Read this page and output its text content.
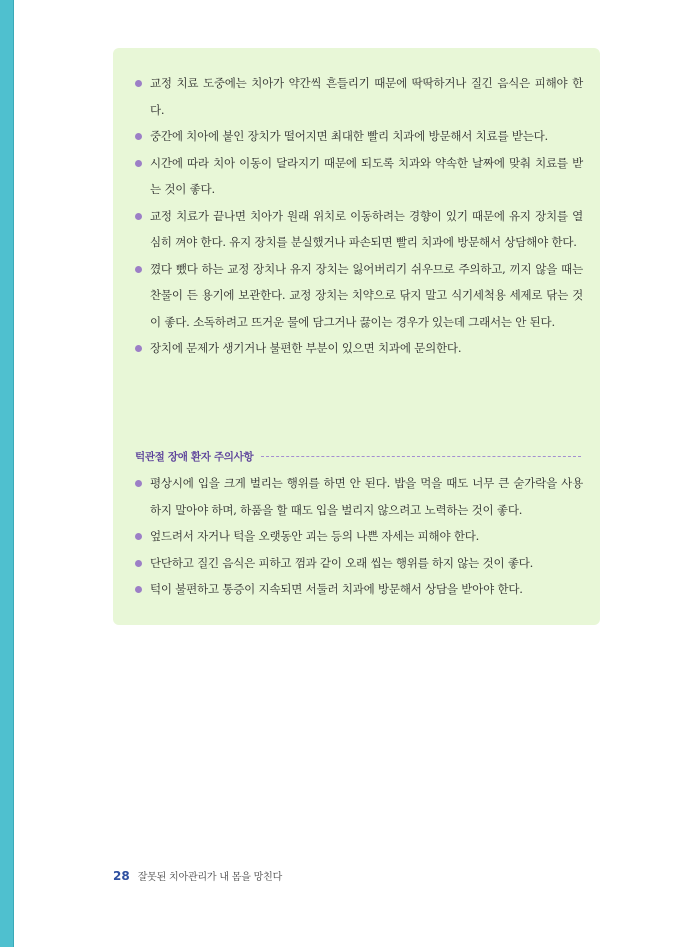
교정 치료 도중에는 치아가 약간씩 흔들리기 때문에 딱딱하거나 질긴 음식은 피해야 한다.
중간에 치아에 붙인 장치가 떨어지면 최대한 빨리 치과에 방문해서 치료를 받는다.
시간에 따라 치아 이동이 달라지기 때문에 되도록 치과와 약속한 날짜에 맞춰 치료를 받는 것이 좋다.
교정 치료가 끝나면 치아가 원래 위치로 이동하려는 경향이 있기 때문에 유지 장치를 열심히 껴야 한다. 유지 장치를 분실했거나 파손되면 빨리 치과에 방문해서 상담해야 한다.
꼈다 뺐다 하는 교정 장치나 유지 장치는 잃어버리기 쉬우므로 주의하고, 끼지 않을 때는 찬물이 든 용기에 보관한다. 교정 장치는 치약으로 닦지 말고 식기세척용 세제로 닦는 것이 좋다. 소독하려고 뜨거운 물에 담그거나 끓이는 경우가 있는데 그래서는 안 된다.
장치에 문제가 생기거나 불편한 부분이 있으면 치과에 문의한다.
턱관절 장애 환자 주의사항
평상시에 입을 크게 벌리는 행위를 하면 안 된다. 밥을 먹을 때도 너무 큰 숟가락을 사용하지 말아야 하며, 하품을 할 때도 입을 벌리지 않으려고 노력하는 것이 좋다.
엎드려서 자거나 턱을 오랫동안 괴는 등의 나쁜 자세는 피해야 한다.
단단하고 질긴 음식은 피하고 껌과 같이 오래 씹는 행위를 하지 않는 것이 좋다.
턱이 불편하고 통증이 지속되면 서둘러 치과에 방문해서 상담을 받아야 한다.
28 잘못된 치아관리가 내 몸을 망친다
